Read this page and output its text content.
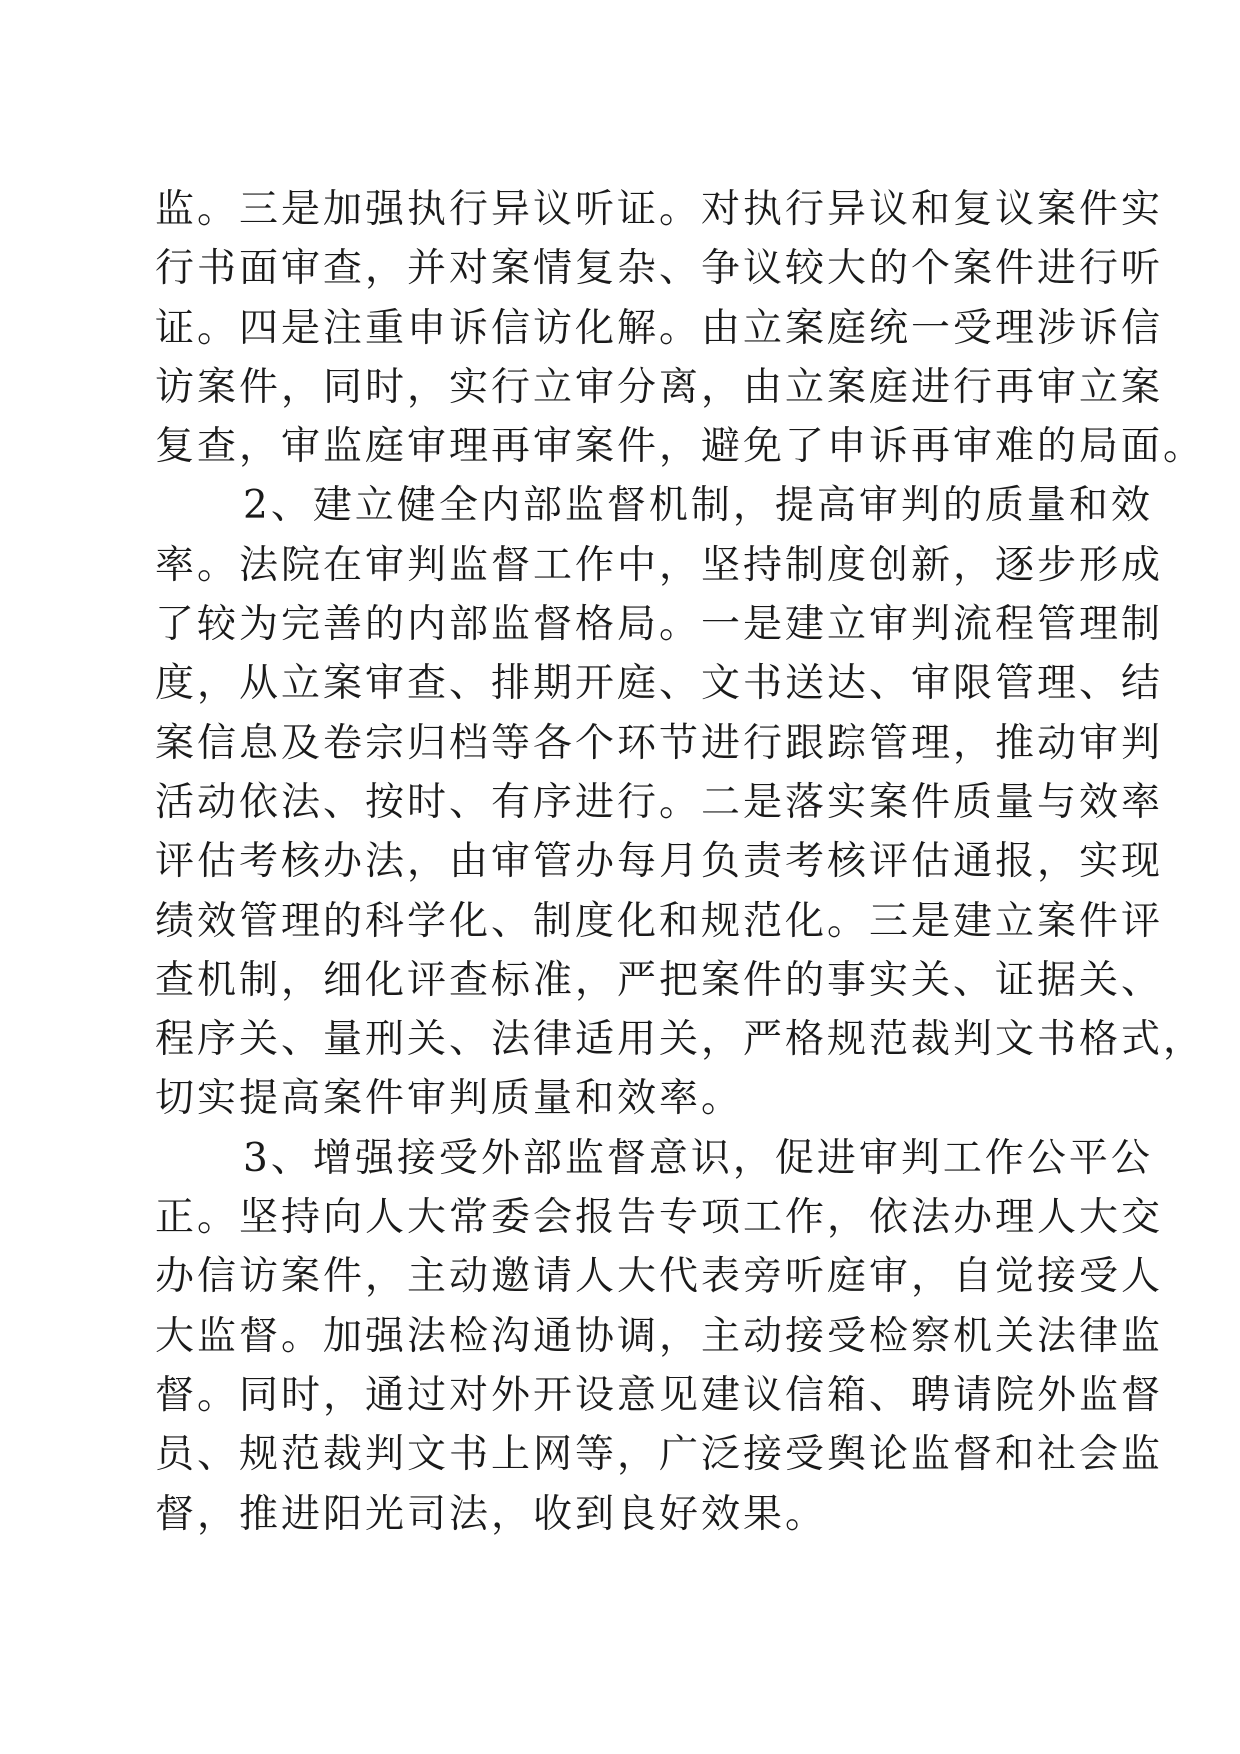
监。三是加强执行异议听证。对执行异议和复议案件实
行书面审查，并对案情复杂、争议较大的个案件进行听
证。四是注重申诉信访化解。由立案庭统一受理涉诉信
访案件，同时，实行立审分离，由立案庭进行再审立案
复查，审监庭审理再审案件，避免了申诉再审难的局面。
2、建立健全内部监督机制，提高审判的质量和效
率。法院在审判监督工作中，坚持制度创新，逐步形成
了较为完善的内部监督格局。一是建立审判流程管理制
度，从立案审查、排期开庭、文书送达、审限管理、结
案信息及卷宗归档等各个环节进行跟踪管理，推动审判
活动依法、按时、有序进行。二是落实案件质量与效率
评估考核办法，由审管办每月负责考核评估通报，实现
绩效管理的科学化、制度化和规范化。三是建立案件评
查机制，细化评查标准，严把案件的事实关、证据关、
程序关、量刑关、法律适用关，严格规范裁判文书格式，
切实提高案件审判质量和效率。
3、增强接受外部监督意识，促进审判工作公平公
正。坚持向人大常委会报告专项工作，依法办理人大交
办信访案件，主动邀请人大代表旁听庭审，自觉接受人
大监督。加强法检沟通协调，主动接受检察机关法律监
督。同时，通过对外开设意见建议信箱、聘请院外监督
员、规范裁判文书上网等，广泛接受舆论监督和社会监
督，推进阳光司法，收到良好效果。
